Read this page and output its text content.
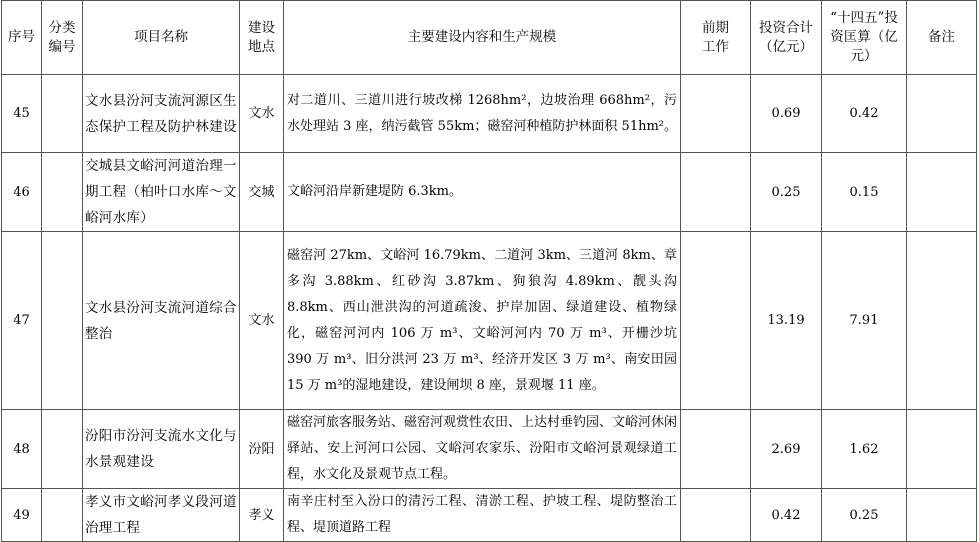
序号	分类编号	项目名称	建设地点	主要建设内容和生产规模	前期工作	投资合计（亿元）	“十四五”投资匡算（亿元）	备注
45		文水县汾河支流河源区生态保护工程及防护林建设	文水	对二道川、三道川进行坡改梯 1268hm²，边坡治理 668hm²，污水处理站 3 座，纳污截管 55km；磁窑河种植防护林面积 51hm²。		0.69	0.42	
46		交城县文峪河河道治理一期工程（柏叶口水库～文峪河水库）	交城	文峪河沿岸新建堤防 6.3km。		0.25	0.15	
47		文水县汾河支流河道综合整治	文水	磁窑河 27km、文峪河 16.79km、二道河 3km、三道河 8km、章多沟 3.88km、红砂沟 3.87km、狗狼沟 4.89km、靓头沟 8.8km、西山泄洪沟的河道疏浚、护岸加固、绿道建设、植物绿化，磁窑河河内 106 万 m³、文峪河河内 70 万 m³、开栅沙坑 390 万 m³、旧分洪河 23 万 m³、经济开发区 3 万 m³、南安田园 15 万 m³的湿地建设，建设闸坝 8 座，景观堰 11 座。		13.19	7.91	
48		汾阳市汾河支流水文化与水景观建设	汾阳	磁窑河旅客服务站、磁窑河观赏性农田、上达村垂钓园、文峪河休闲驿站、安上河河口公园、文峪河农家乐、汾阳市文峪河景观绿道工程，水文化及景观节点工程。		2.69	1.62	
49		孝义市文峪河孝义段河道治理工程	孝义	南辛庄村至入汾口的清污工程、清淤工程、护坡工程、堤防整治工程、堤顶道路工程		0.42	0.25	
